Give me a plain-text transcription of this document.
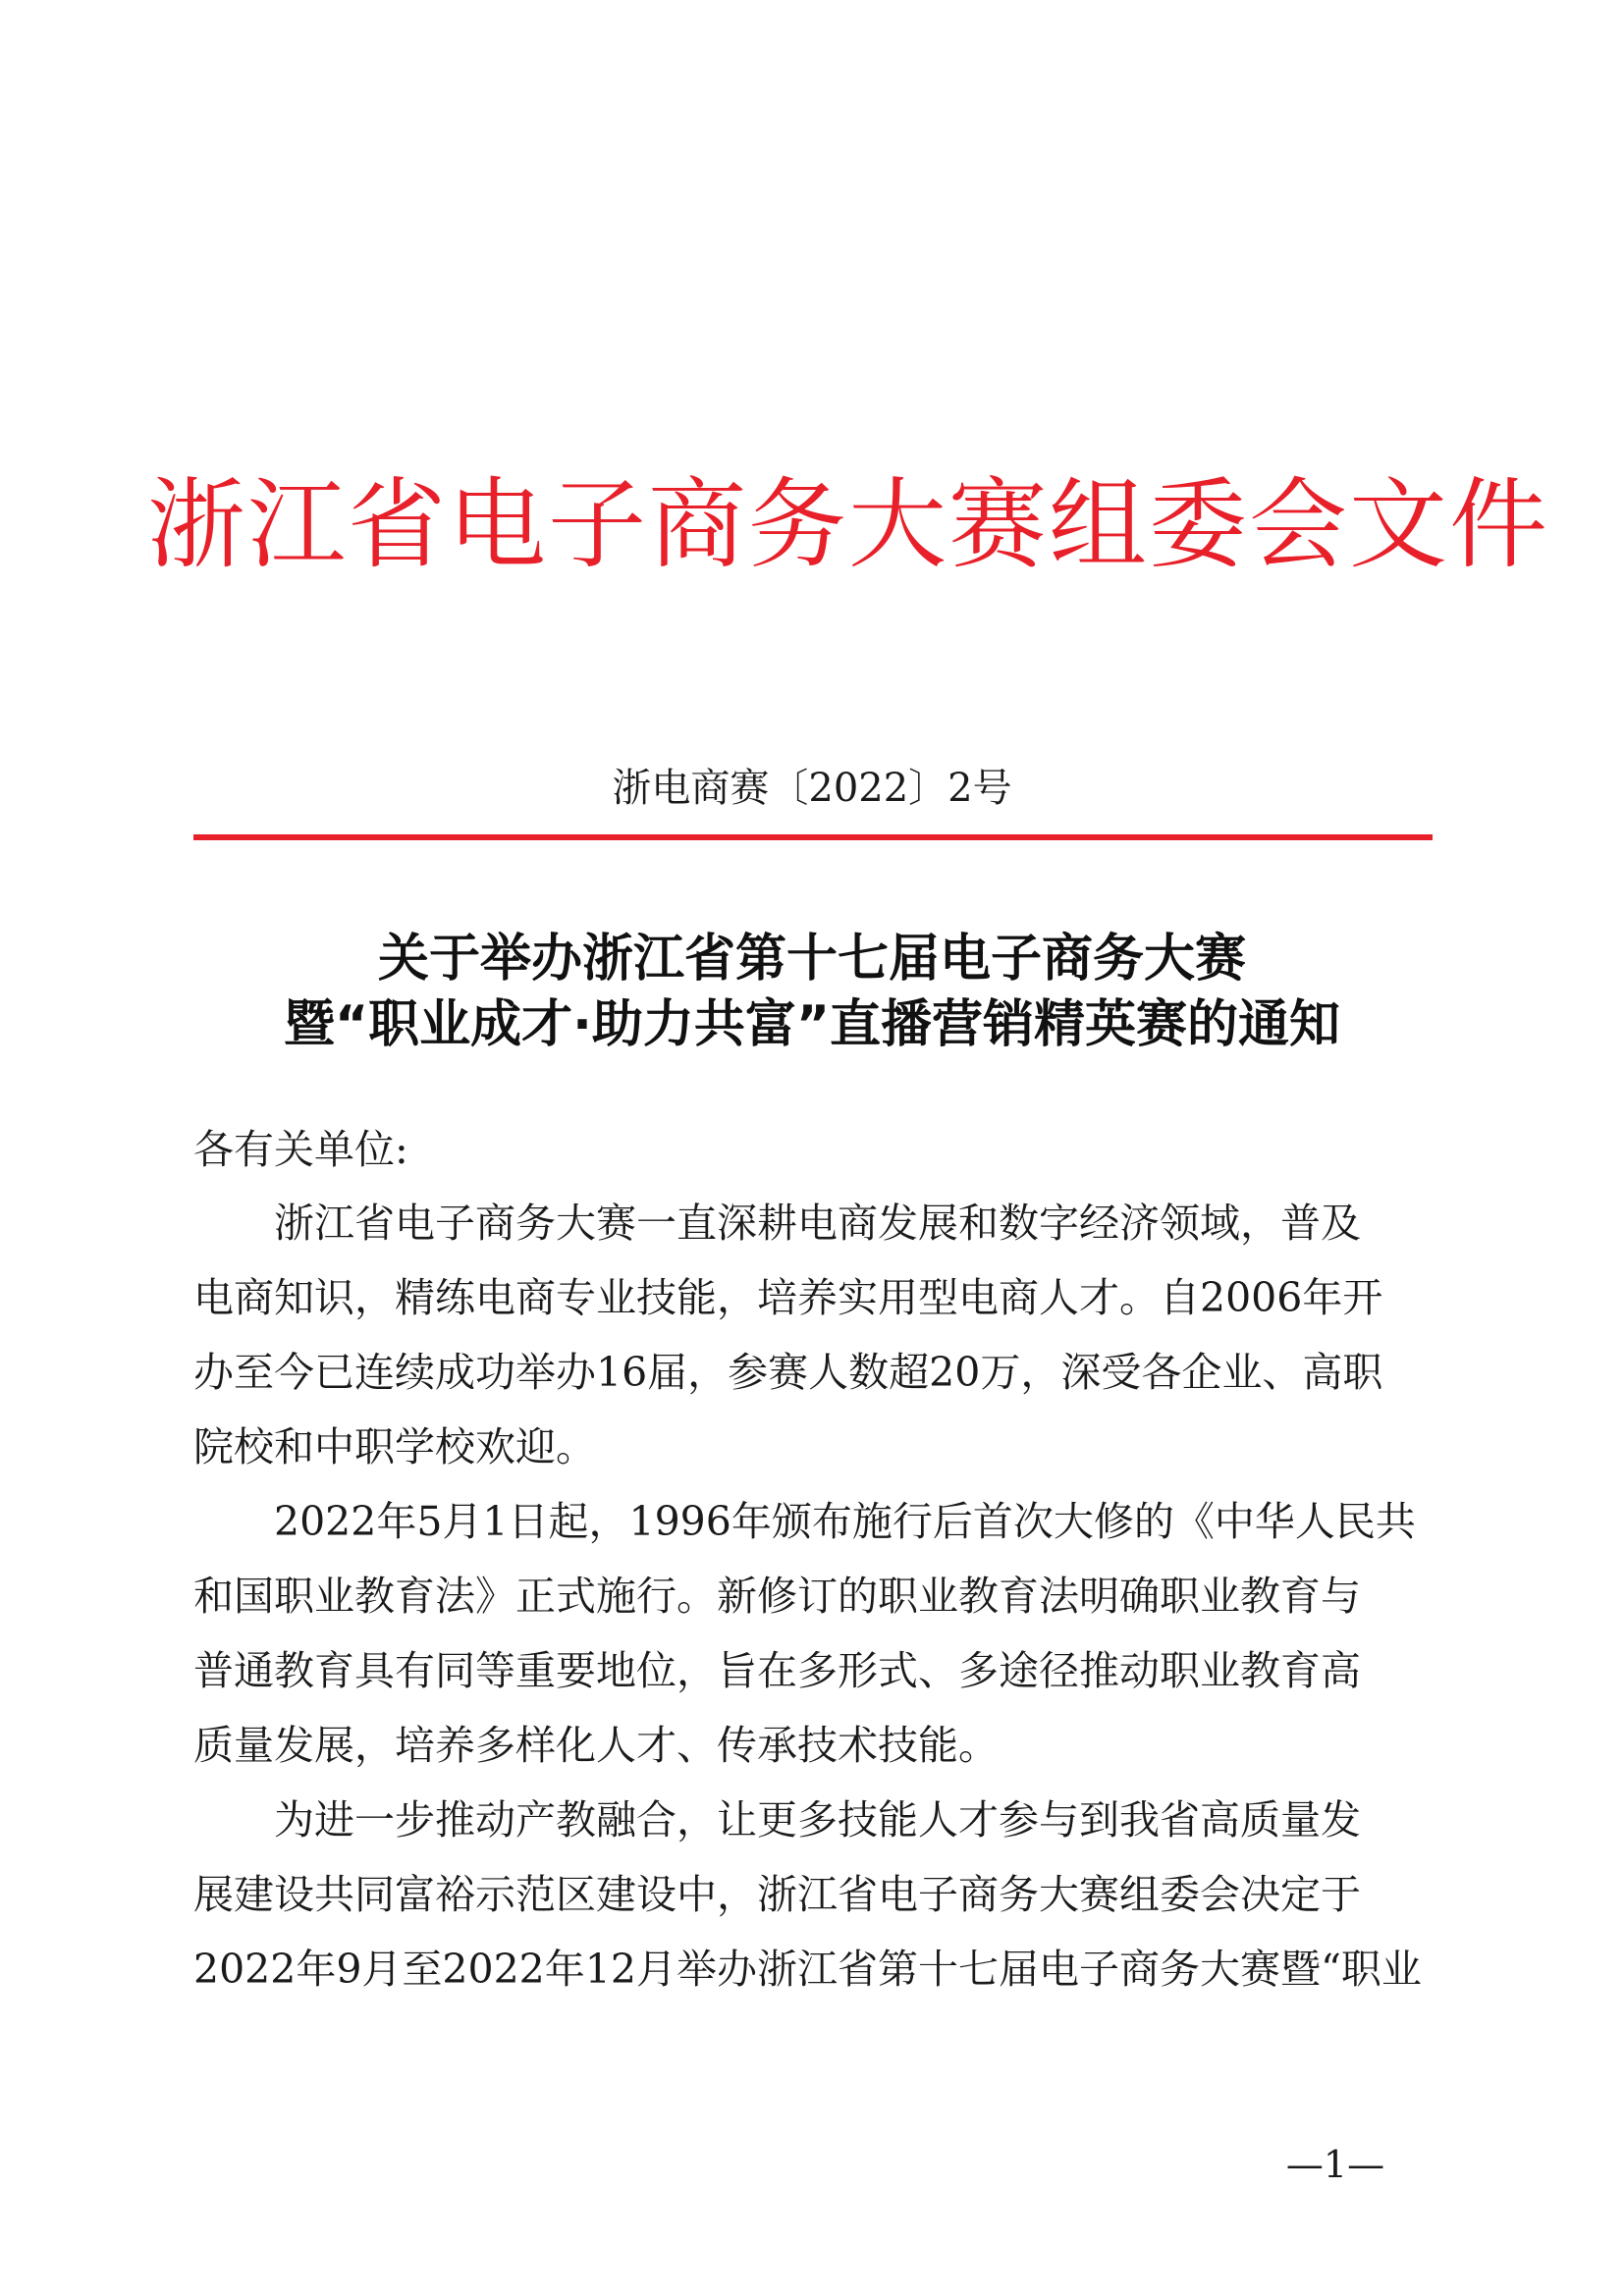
浙江省电子商务大赛组委会文件
浙电商赛〔2022〕2号
关于举办浙江省第十七届电子商务大赛
暨“职业成才·助力共富”直播营销精英赛的通知
各有关单位:
　　浙江省电子商务大赛一直深耕电商发展和数字经济领域，普及
电商知识，精练电商专业技能，培养实用型电商人才。自2006年开
办至今已连续成功举办16届，参赛人数超20万，深受各企业、高职
院校和中职学校欢迎。
　　2022年5月1日起，1996年颁布施行后首次大修的《中华人民共
和国职业教育法》正式施行。新修订的职业教育法明确职业教育与
普通教育具有同等重要地位，旨在多形式、多途径推动职业教育高
质量发展，培养多样化人才、传承技术技能。
　　为进一步推动产教融合，让更多技能人才参与到我省高质量发
展建设共同富裕示范区建设中，浙江省电子商务大赛组委会决定于
2022年9月至2022年12月举办浙江省第十七届电子商务大赛暨“职业
—1—
